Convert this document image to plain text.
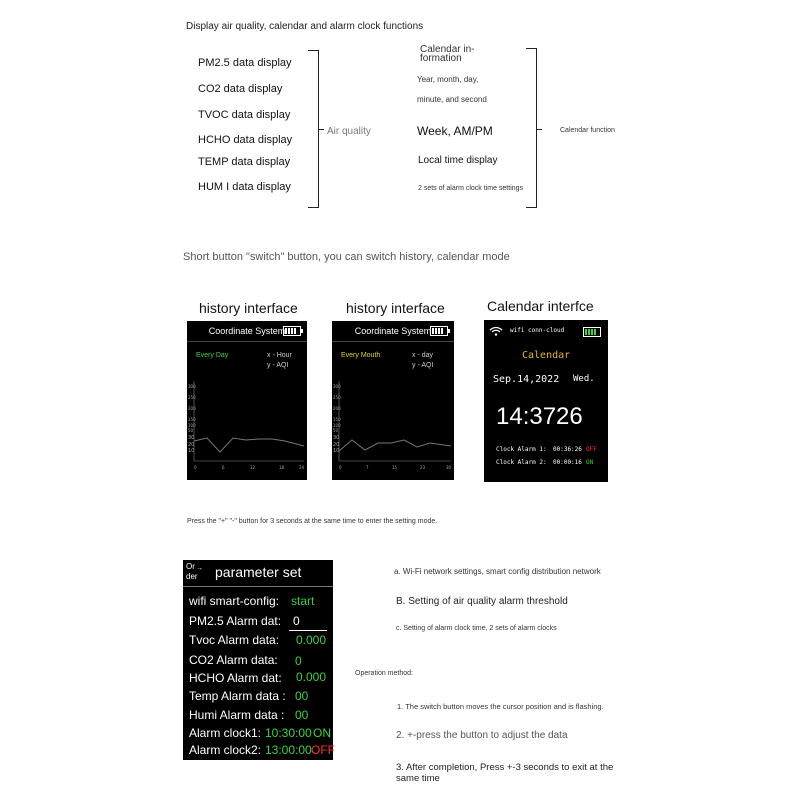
Display air quality, calendar and alarm clock functions
PM2.5 data display
CO2 data display
TVOC data display
HCHO data display
TEMP data display
HUM I data display
Air quality	Calendar function
Calendar in-
formation
Year, month, day,
minute, and second
Week, AM/PM
Local time display
2 sets of alarm clock time settings
Short button "switch" button, you can switch history, calendar mode
history interface
Coordinate System
Every Day	x - Hour
y - AQI
300
250
200
150
100
50
30
20
10
0	6	12	18	24
history interface
Coordinate System
Every Mouth	x - day
y - AQI
300
250
200
150
100
50
30
20
10
0	7	15	23	30
Calendar interfce
wifi conn-cloud
Calendar
Sep.14,2022 Wed.
14:3726
Clock Alarm 1: 00:36:26 OFF
Clock Alarm 2: 00:00:16 ON
Press the "+" "-" button for 3 seconds at the same time to enter the setting mode.
Or
der
→ parameter set
wifi smart-config: start
PM2.5 Alarm dat: 0
Tvoc Alarm data: 0.000
CO2 Alarm data: 0
HCHO Alarm dat: 0.000
Temp Alarm data : 00
Humi Alarm data : 00
Alarm clock1: 10:30:00 ON
Alarm clock2: 13:00:00 OFF
a. Wi-Fi network settings, smart config distribution network
B. Setting of air quality alarm threshold
c. Setting of alarm clock time, 2 sets of alarm clocks
Operation method:
1. The switch button moves the cursor position and is flashing.
2. +-press the button to adjust the data
3. After completion, Press +-3 seconds to exit at the
same time
